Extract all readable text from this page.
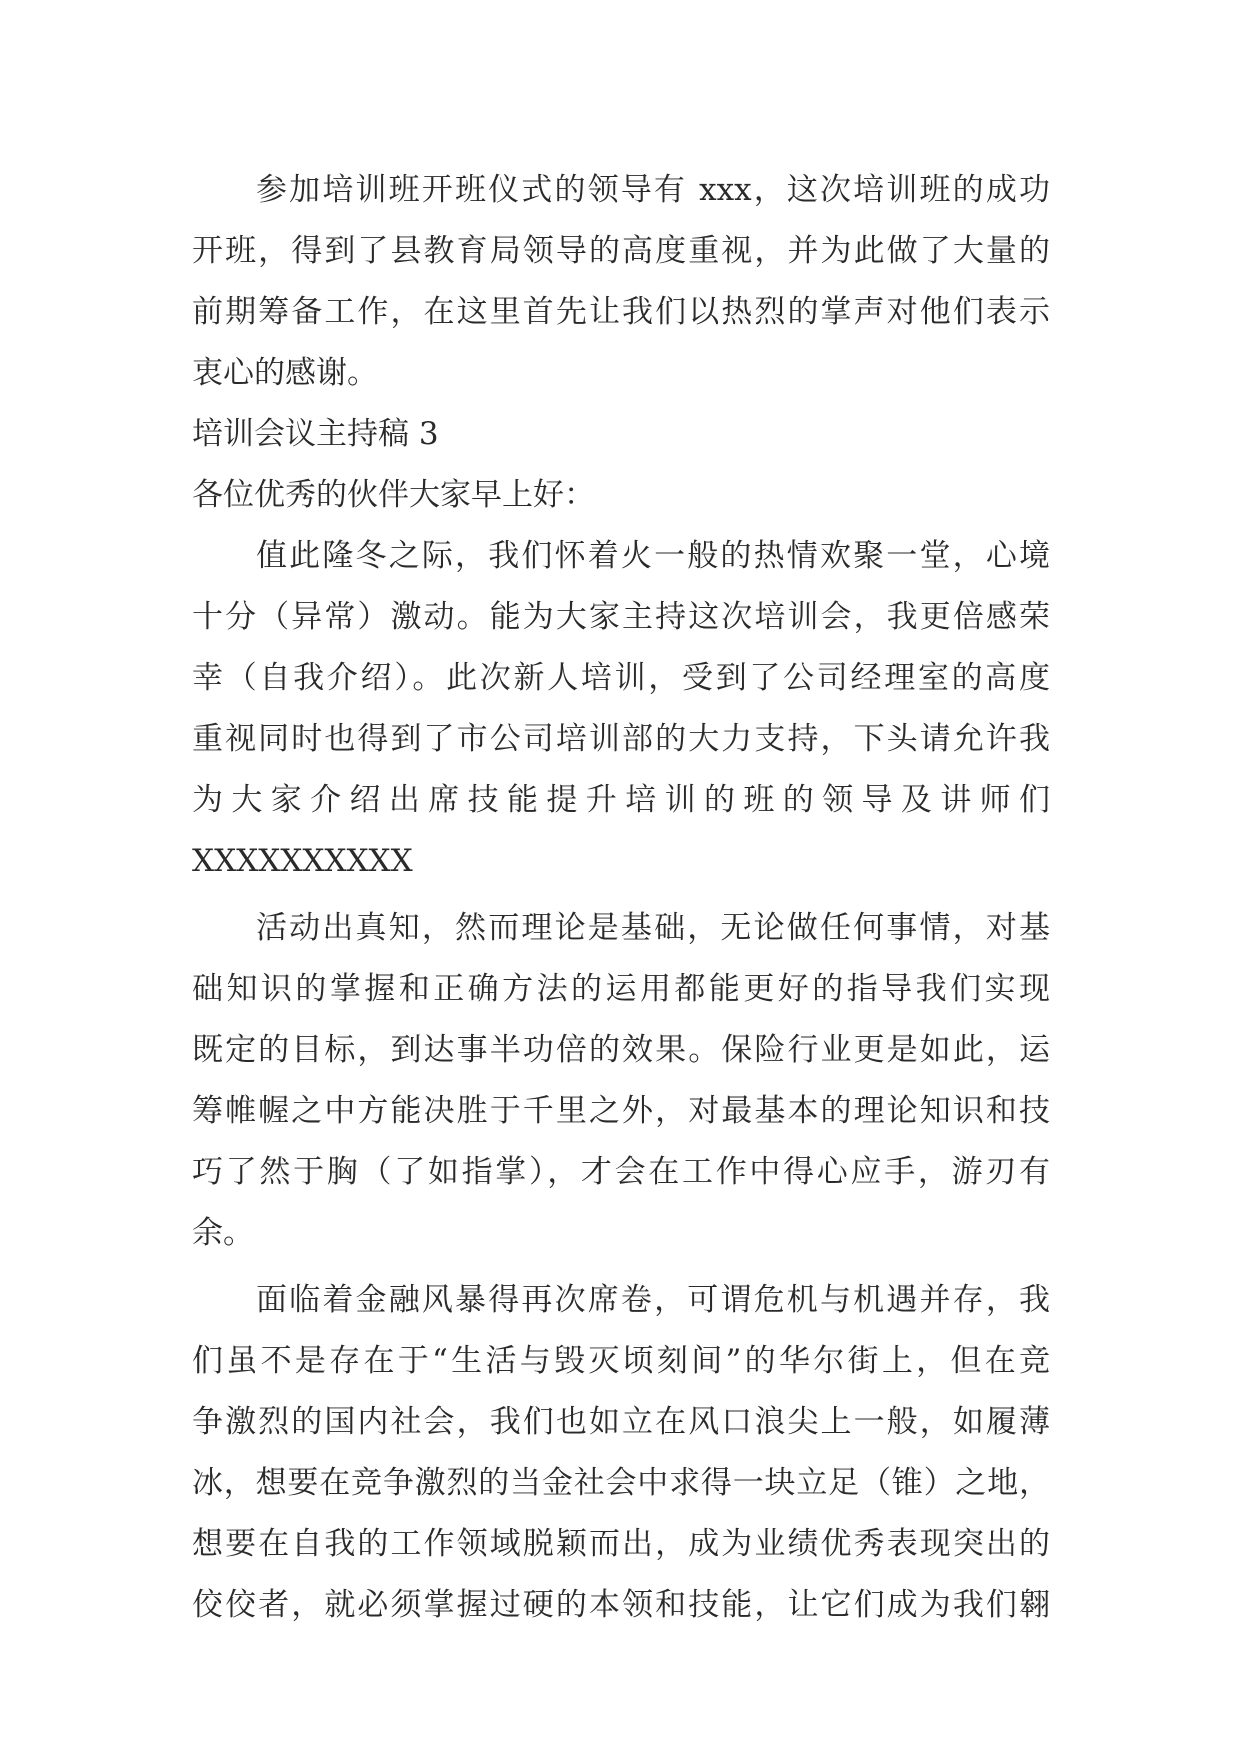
参加培训班开班仪式的领导有 xxx，这次培训班的成功

开班，得到了县教育局领导的高度重视，并为此做了大量的

前期筹备工作，在这里首先让我们以热烈的掌声对他们表示

衷心的感谢。

培训会议主持稿 3

各位优秀的伙伴大家早上好：

值此隆冬之际，我们怀着火一般的热情欢聚一堂，心境

十分（异常）激动。能为大家主持这次培训会，我更倍感荣

幸（自我介绍）。此次新人培训，受到了公司经理室的高度

重视同时也得到了市公司培训部的大力支持，下头请允许我

为大家介绍出席技能提升培训的班的领导及讲师们

XXXXXXXXXX

活动出真知，然而理论是基础，无论做任何事情，对基

础知识的掌握和正确方法的运用都能更好的指导我们实现

既定的目标，到达事半功倍的效果。保险行业更是如此，运

筹帷幄之中方能决胜于千里之外，对最基本的理论知识和技

巧了然于胸（了如指掌），才会在工作中得心应手，游刃有

余。

面临着金融风暴得再次席卷，可谓危机与机遇并存，我

们虽不是存在于“生活与毁灭顷刻间”的华尔街上，但在竞

争激烈的国内社会，我们也如立在风口浪尖上一般，如履薄

冰，想要在竞争激烈的当金社会中求得一块立足（锥）之地，

想要在自我的工作领域脱颖而出，成为业绩优秀表现突出的

佼佼者，就必须掌握过硬的本领和技能，让它们成为我们翱
